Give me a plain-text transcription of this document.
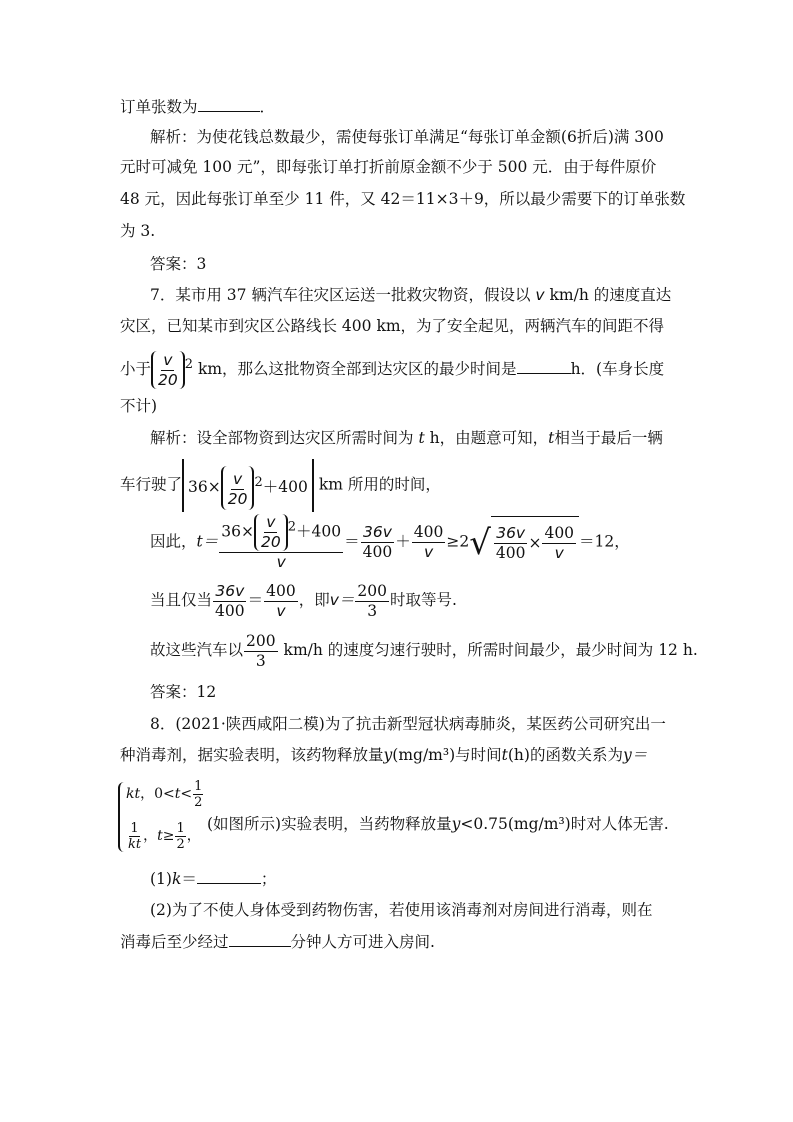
订单张数为	．
解析：为使花钱总数最少，需使每张订单满足“每张订单金额(6折后)满 300
元时可减免 100 元”，即每张订单打折前原金额不少于 500 元．由于每件原价
48 元，因此每张订单至少 11 件，又 42＝11×3＋9，所以最少需要下的订单张数
为 3.
答案：3
7．某市用 37 辆汽车往灾区运送一批救灾物资，假设以 v km/h 的速度直达
灾区，已知某市到灾区公路线长 400 km，为了安全起见，两辆汽车的间距不得
小于 $\frac{v}{20} ^2$ km，那么这批物资全部到达灾区的最少时间是	h．(车身长度
不计)
解析：设全部物资到达灾区所需时间为 t h，由题意可知，t相当于最后一辆
车行驶了 $36\times \frac{v}{20} ^2+400$ km 所用的时间，
因此，$t= \frac{36\times \frac{v}{20} ^2+400}{v} = \frac{36v}{400} + \frac{400}{v} \ge 2$ √ $\frac{36v}{400} \times \frac{400}{v} =12$，
当且仅当 $\frac{36v}{400} = \frac{400}{v}$ ，即$v= \frac{200}{3}$ 时取等号.
故这些汽车以 $\frac{200}{3} km/h$ 的速度匀速行驶时，所需时间最少，最少时间为 12 h.
答案：12
8．(2021·陕西咸阳二模)为了抗击新型冠状病毒肺炎，某医药公司研究出一
种消毒剂，据实验表明，该药物释放量y(mg/m³)与时间t(h)的函数关系为y＝
kt，$0<t< \frac{1}{2}$
$\frac{1}{kt}$ ，$t\ge \frac{1}{2}$ ，
(如图所示)实验表明，当药物释放量y<0.75(mg/m³)时对人体无害.
(1)k＝	；
(2)为了不使人身体受到药物伤害，若使用该消毒剂对房间进行消毒，则在
消毒后至少经过	分钟人方可进入房间.
